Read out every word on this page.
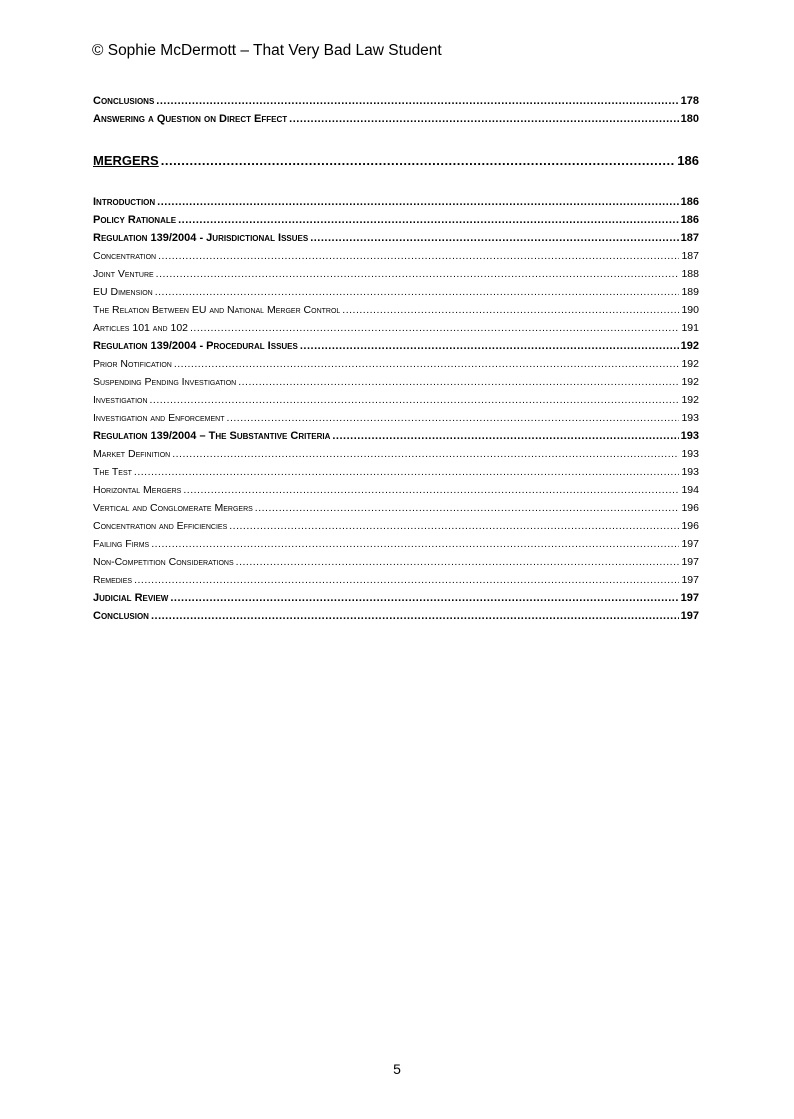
© Sophie McDermott – That Very Bad Law Student
Conclusions .....	178
Answering a Question on Direct Effect .....	180
MERGERS .....	186
Introduction .....	186
Policy Rationale .....	186
Regulation 139/2004 - Jurisdictional Issues .....	187
Concentration .....	187
Joint Venture .....	188
EU Dimension .....	189
The Relation Between EU and National Merger Control .....	190
Articles 101 and 102 .....	191
Regulation 139/2004 - Procedural Issues .....	192
Prior Notification .....	192
Suspending Pending Investigation .....	192
Investigation .....	192
Investigation and Enforcement .....	193
Regulation 139/2004 – The Substantive Criteria .....	193
Market Definition .....	193
The Test .....	193
Horizontal Mergers .....	194
Vertical and Conglomerate Mergers .....	196
Concentration and Efficiencies .....	196
Failing Firms .....	197
Non-Competition Considerations .....	197
Remedies .....	197
Judicial Review .....	197
Conclusion .....	197
5
